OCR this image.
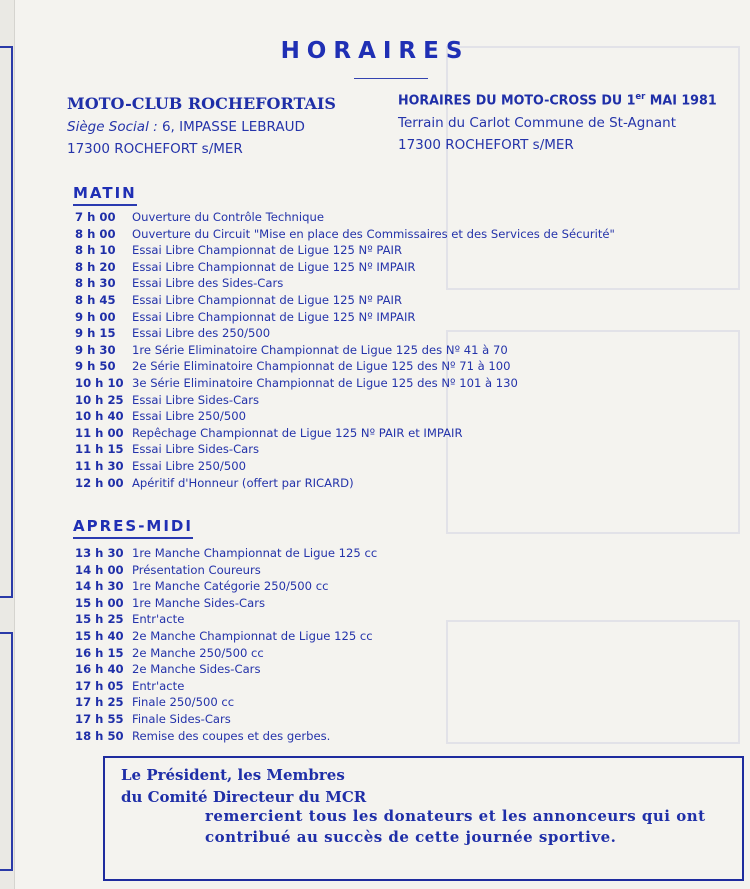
HORAIRES
MOTO-CLUB ROCHEFORTAIS
Siège Social : 6, IMPASSE LEBRAUD
17300 ROCHEFORT s/MER
HORAIRES DU MOTO-CROSS DU 1er MAI 1981
Terrain du Carlot Commune de St-Agnant
17300 ROCHEFORT s/MER
MATIN
7 h 00	Ouverture du Contrôle Technique
8 h 00	Ouverture du Circuit "Mise en place des Commissaires et des Services de Sécurité"
8 h 10	Essai Libre Championnat de Ligue 125 Nº PAIR
8 h 20	Essai Libre Championnat de Ligue 125 Nº IMPAIR
8 h 30	Essai Libre des Sides-Cars
8 h 45	Essai Libre Championnat de Ligue 125 Nº PAIR
9 h 00	Essai Libre Championnat de Ligue 125 Nº IMPAIR
9 h 15	Essai Libre des 250/500
9 h 30	1re Série Eliminatoire Championnat de Ligue 125 des Nº 41 à 70
9 h 50	2e Série Eliminatoire Championnat de Ligue 125 des Nº 71 à 100
10 h 10 3e Série Eliminatoire Championnat de Ligue 125 des Nº 101 à 130
10 h 25 Essai Libre Sides-Cars
10 h 40 Essai Libre 250/500
11 h 00 Repêchage Championnat de Ligue 125 Nº PAIR et IMPAIR
11 h 15 Essai Libre Sides-Cars
11 h 30 Essai Libre 250/500
12 h 00 Apéritif d'Honneur (offert par RICARD)
APRES-MIDI
13 h 30 1re Manche Championnat de Ligue 125 cc
14 h 00 Présentation Coureurs
14 h 30 1re Manche Catégorie 250/500 cc
15 h 00 1re Manche Sides-Cars
15 h 25 Entr'acte
15 h 40 2e Manche Championnat de Ligue 125 cc
16 h 15 2e Manche 250/500 cc
16 h 40 2e Manche Sides-Cars
17 h 05 Entr'acte
17 h 25 Finale 250/500 cc
17 h 55 Finale Sides-Cars
18 h 50 Remise des coupes et des gerbes.
Le Président, les Membres
du Comité Directeur du MCR
remercient tous les donateurs et les annonceurs qui ont contribué au succès de cette journée sportive.
